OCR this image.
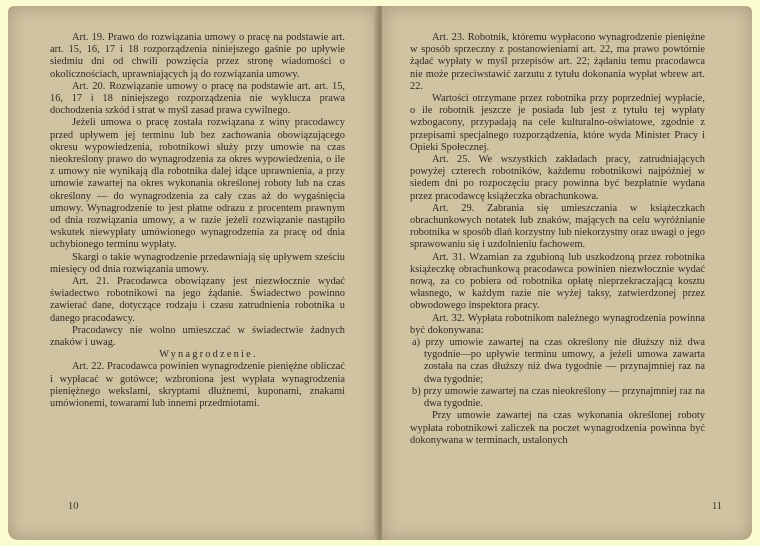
Art. 19. Prawo do rozwiązania umowy o pracę na podstawie art. art. 15, 16, 17 i 18 rozporządzenia niniejszego gaśnie po upływie siedmiu dni od chwili powzięcia przez stronę wiadomości o okolicznościach, uprawniających ją do rozwiązania umowy.

Art. 20. Rozwiązanie umowy o pracę na podstawie art. art. 15, 16, 17 i 18 niniejszego rozporządzenia nie wyklucza prawa dochodzenia szkód i strat w myśl zasad prawa cywilnego.

Jeżeli umowa o pracę została rozwiązana z winy pracodawcy przed upływem jej terminu lub bez zachowania obowiązującego okresu wypowiedzenia, robotnikowi służy przy umowie na czas nieokreślony prawo do wynagrodzenia za okres wypowiedzenia, o ile z umowy nie wynikają dla robotnika dalej idące uprawnienia, a przy umowie zawartej na okres wykonania określonej roboty lub na czas określony — do wynagrodzenia za cały czas aż do wygaśnięcia umowy. Wynagrodzenie to jest płatne odrazu z procentem prawnym od dnia rozwiązania umowy, a w razie jeżeli rozwiązanie nastąpiło wskutek niewypłaty umówionego wynagrodzenia za pracę od dnia uchybionego terminu wypłaty.

Skargi o takie wynagrodzenie przedawniają się upływem sześciu miesięcy od dnia rozwiązania umowy.

Art. 21. Pracodawca obowiązany jest niezwłocznie wydać świadectwo robotnikowi na jego żądanie. Świadectwo powinno zawierać dane, dotyczące rodzaju i czasu zatrudnienia robotnika u danego pracodawcy.

Pracodawcy nie wolno umieszczać w świadectwie żadnych znaków i uwag.

Wynagrodzenie.

Art. 22. Pracodawca powinien wynagrodzenie pieniężne obliczać i wypłacać w gotówce; wzbroniona jest wypłata wynagrodzenia pieniężnego wekslami, skryptami dłużnemi, kuponami, znakami umówionemi, towarami lub innemi przedmiotami.

10

Art. 23. Robotnik, któremu wypłacono wynagrodzenie pieniężne w sposób sprzeczny z postanowieniami art. 22, ma prawo powtórnie żądać wypłaty w myśl przepisów art. 22; żądaniu temu pracodawca nie może przeciwstawić zarzutu z tytułu dokonania wypłat wbrew art. 22.

Wartości otrzymane przez robotnika przy poprzedniej wypłacie, o ile robotnik jeszcze je posiada lub jest z tytułu tej wypłaty wzbogacony, przypadają na cele kulturalno-oświatowe, zgodnie z przepisami specjalnego rozporządzenia, które wyda Minister Pracy i Opieki Społecznej.

Art. 25. We wszystkich zakładach pracy, zatrudniających powyżej czterech robotników, każdemu robotnikowi najpóźniej w siedem dni po rozpoczęciu pracy powinna być bezpłatnie wydana przez pracodawcę książeczka obrachunkowa.

Art. 29. Zabrania się umieszczania w książeczkach obrachunkowych notatek lub znaków, mających na celu wyróżnianie robotnika w sposób dlań korzystny lub niekorzystny oraz uwagi o jego sprawowaniu się i uzdolnieniu fachowem.

Art. 31. Wzamian za zgubioną lub uszkodzoną przez robotnika książeczkę obrachunkową pracodawca powinien niezwłocznie wydać nową, za co pobiera od robotnika opłatę nieprzekraczającą kosztu własnego, w każdym razie nie wyżej taksy, zatwierdzonej przez obwodowego inspektora pracy.

Art. 32. Wypłata robotnikom należnego wynagrodzenia powinna być dokonywana:

a) przy umowie zawartej na czas określony nie dłuższy niż dwa tygodnie—po upływie terminu umowy, a jeżeli umowa zawarta została na czas dłuższy niż dwa tygodnie — przynajmniej raz na dwa tygodnie;
b) przy umowie zawartej na czas nieokreślony — przynajmniej raz na dwa tygodnie.

Przy umowie zawartej na czas wykonania określonej roboty wypłata robotnikowi zaliczek na poczet wynagrodzenia powinna być dokonywana w terminach, ustalonych

11
